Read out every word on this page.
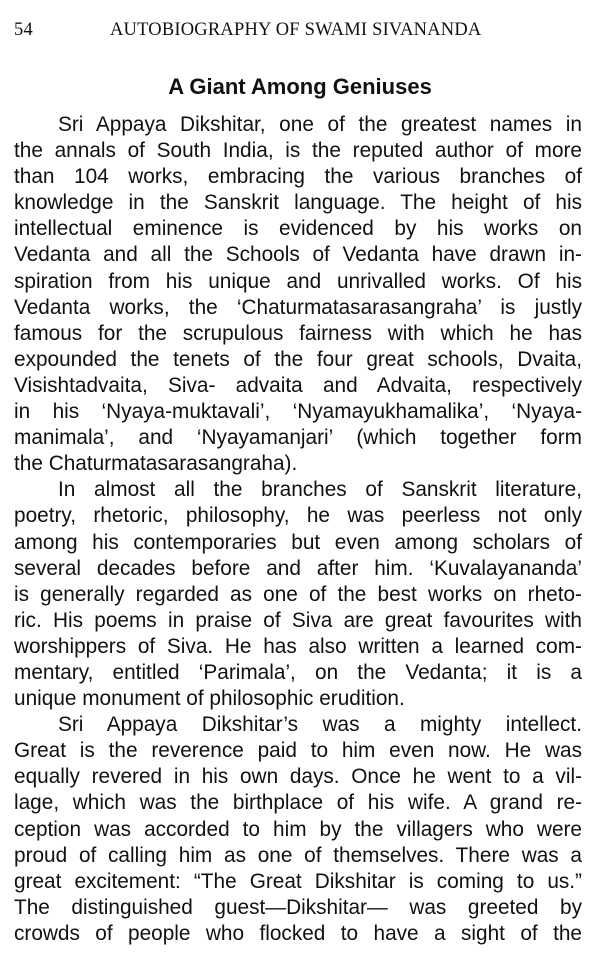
54	AUTOBIOGRAPHY OF SWAMI SIVANANDA
A Giant Among Geniuses

Sri Appaya Dikshitar, one of the greatest names in
the annals of South India, is the reputed author of more
than 104 works, embracing the various branches of
knowledge in the Sanskrit language. The height of his
intellectual eminence is evidenced by his works on
Vedanta and all the Schools of Vedanta have drawn in-
spiration from his unique and unrivalled works. Of his
Vedanta works, the ‘Chaturmatasarasangraha’ is justly
famous for the scrupulous fairness with which he has
expounded the tenets of the four great schools, Dvaita,
Visishtadvaita, Siva- advaita and Advaita, respectively
in his ‘Nyaya-muktavali’, ‘Nyamayukhamalika’, ‘Nyaya-
manimala’, and ‘Nyayamanjari’ (which together form
the Chaturmatasarasangraha).

In almost all the branches of Sanskrit literature,
poetry, rhetoric, philosophy, he was peerless not only
among his contemporaries but even among scholars of
several decades before and after him. ‘Kuvalayananda’
is generally regarded as one of the best works on rheto-
ric. His poems in praise of Siva are great favourites with
worshippers of Siva. He has also written a learned com-
mentary, entitled ‘Parimala’, on the Vedanta; it is a
unique monument of philosophic erudition.

Sri Appaya Dikshitar’s was a mighty intellect.
Great is the reverence paid to him even now. He was
equally revered in his own days. Once he went to a vil-
lage, which was the birthplace of his wife. A grand re-
ception was accorded to him by the villagers who were
proud of calling him as one of themselves. There was a
great excitement: “The Great Dikshitar is coming to us.”
The distinguished guest—Dikshitar— was greeted by
crowds of people who flocked to have a sight of the
